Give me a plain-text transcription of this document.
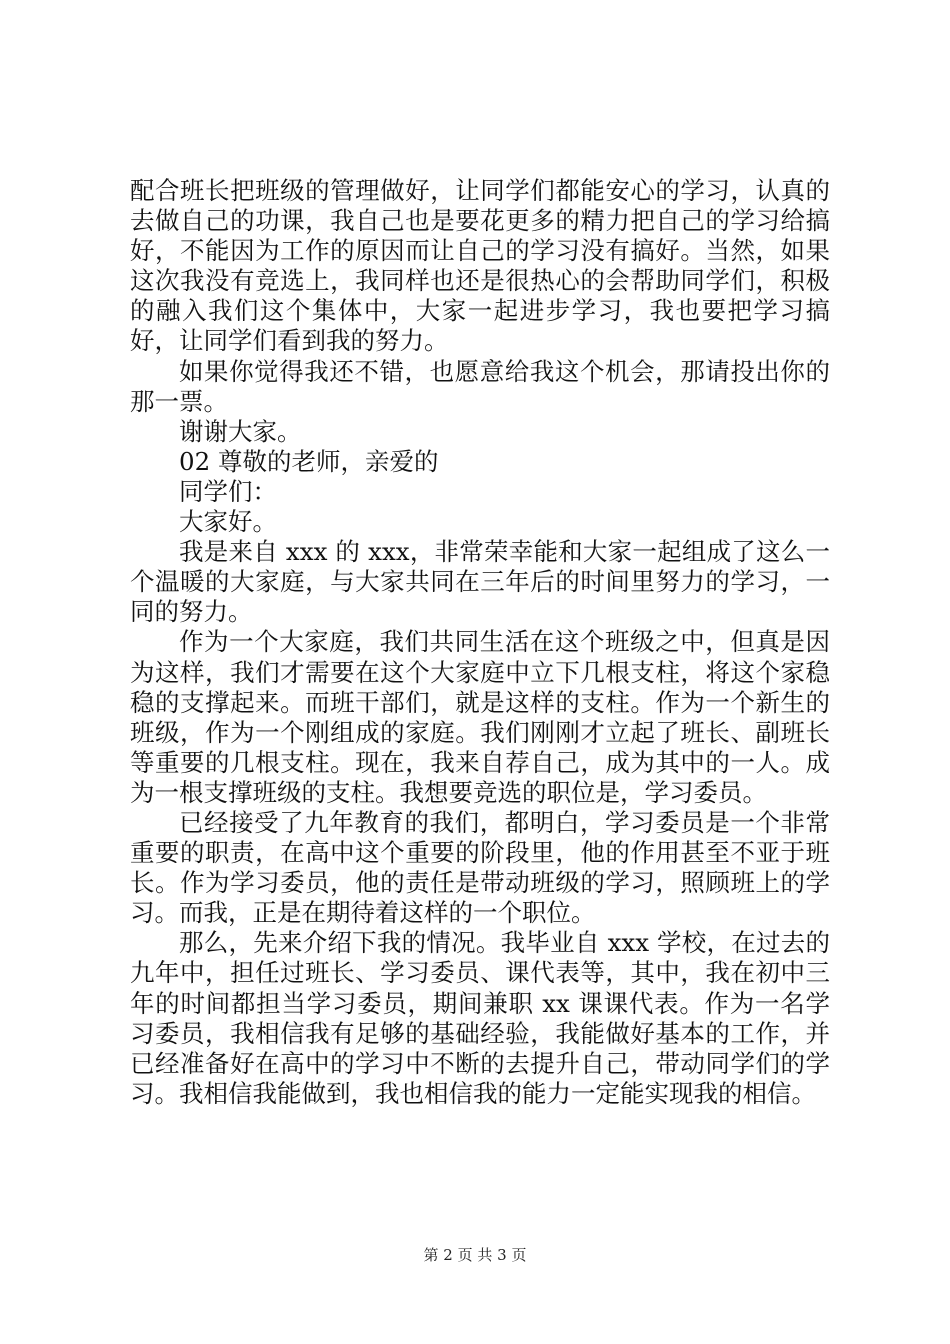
配合班长把班级的管理做好，让同学们都能安心的学习，认真的去做自己的功课，我自己也是要花更多的精力把自己的学习给搞好，不能因为工作的原因而让自己的学习没有搞好。当然，如果这次我没有竞选上，我同样也还是很热心的会帮助同学们，积极的融入我们这个集体中，大家一起进步学习，我也要把学习搞好，让同学们看到我的努力。

如果你觉得我还不错，也愿意给我这个机会，那请投出你的那一票。

谢谢大家。

02 尊敬的老师，亲爱的

同学们：

大家好。

我是来自 xxx 的 xxx，非常荣幸能和大家一起组成了这么一个温暖的大家庭，与大家共同在三年后的时间里努力的学习，一同的努力。

作为一个大家庭，我们共同生活在这个班级之中，但真是因为这样，我们才需要在这个大家庭中立下几根支柱，将这个家稳稳的支撑起来。而班干部们，就是这样的支柱。作为一个新生的班级，作为一个刚组成的家庭。我们刚刚才立起了班长、副班长等重要的几根支柱。现在，我来自荐自己，成为其中的一人。成为一根支撑班级的支柱。我想要竞选的职位是，学习委员。

已经接受了九年教育的我们，都明白，学习委员是一个非常重要的职责，在高中这个重要的阶段里，他的作用甚至不亚于班长。作为学习委员，他的责任是带动班级的学习，照顾班上的学习。而我，正是在期待着这样的一个职位。

那么，先来介绍下我的情况。我毕业自 xxx 学校，在过去的九年中，担任过班长、学习委员、课代表等，其中，我在初中三年的时间都担当学习委员，期间兼职 xx 课课代表。作为一名学习委员，我相信我有足够的基础经验，我能做好基本的工作，并已经准备好在高中的学习中不断的去提升自己，带动同学们的学习。我相信我能做到，我也相信我的能力一定能实现我的相信。

第 2 页 共 3 页
